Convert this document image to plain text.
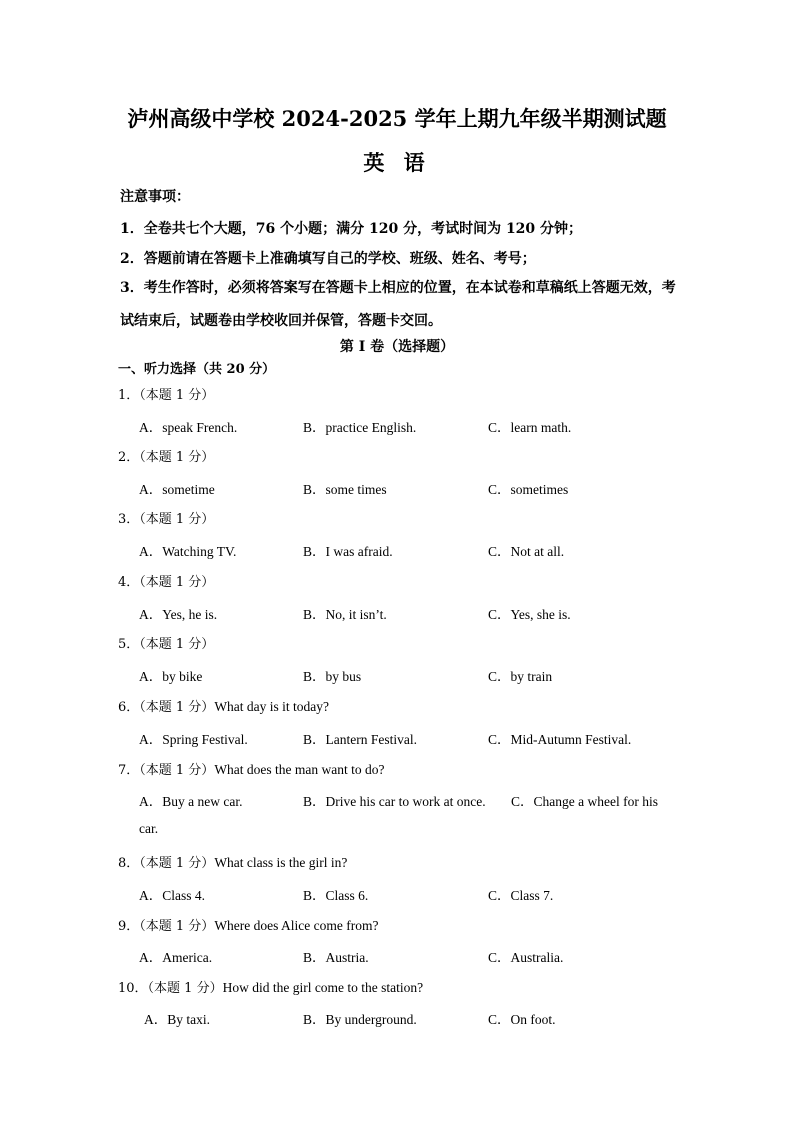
泸州高级中学校 2024-2025 学年上期九年级半期测试题
英 语
注意事项：
1．全卷共七个大题，76 个小题；满分 120 分，考试时间为 120 分钟；
2．答题前请在答题卡上准确填写自己的学校、班级、姓名、考号；
3．考生作答时，必须将答案写在答题卡上相应的位置，在本试卷和草稿纸上答题无效，考试结束后，试题卷由学校收回并保管，答题卡交回。
第 I 卷（选择题）
一、听力选择（共 20 分）
1．（本题 1 分）
A．speak French.	B．practice English.	C．learn math.
2．（本题 1 分）
A．sometime	B．some times	C．sometimes
3．（本题 1 分）
A．Watching TV.	B．I was afraid.	C．Not at all.
4．（本题 1 分）
A．Yes, he is.	B．No, it isn’t.	C．Yes, she is.
5．（本题 1 分）
A．by bike	B．by bus	C．by train
6．（本题 1 分）What day is it today?
A．Spring Festival.	B．Lantern Festival.	C．Mid-Autumn Festival.
7．（本题 1 分）What does the man want to do?
A．Buy a new car.	B．Drive his car to work at once. C．Change a wheel for his
car.
8．（本题 1 分）What class is the girl in?
A．Class 4.	B．Class 6.	C．Class 7.
9．（本题 1 分）Where does Alice come from?
A．America.	B．Austria.	C．Australia.
10．（本题 1 分）How did the girl come to the station?
A．By taxi.	B．By underground.	C．On foot.
